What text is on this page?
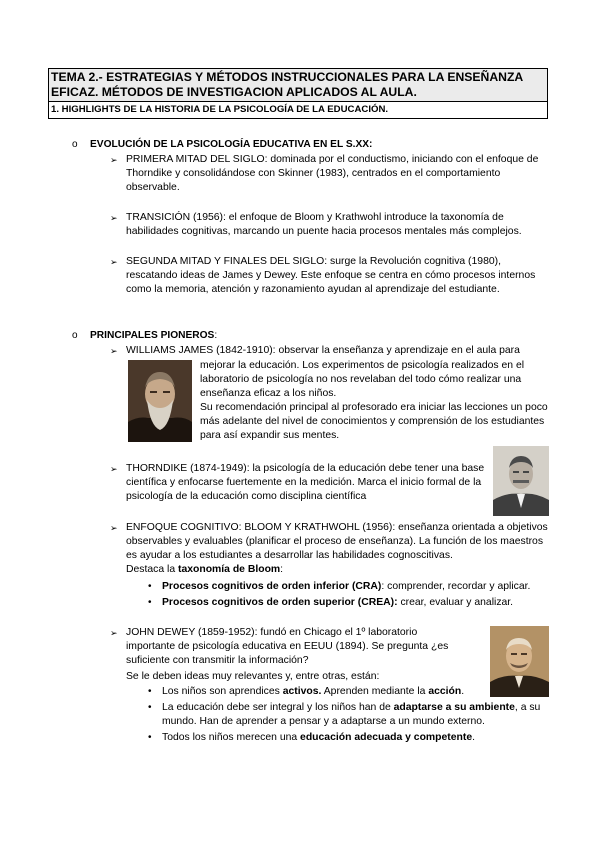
TEMA 2.- ESTRATEGIAS Y MÉTODOS INSTRUCCIONALES PARA LA ENSEÑANZA EFICAZ. MÉTODOS DE INVESTIGACION APLICADOS AL AULA.
1. HIGHLIGHTS DE LA HISTORIA DE LA PSICOLOGÍA DE LA EDUCACIÓN.
o EVOLUCIÓN DE LA PSICOLOGÍA EDUCATIVA EN EL S.XX:
➢ PRIMERA MITAD DEL SIGLO: dominada por el conductismo, iniciando con el enfoque de Thorndike y consolidándose con Skinner (1983), centrados en el comportamiento observable.
➢ TRANSICIÓN (1956): el enfoque de Bloom y Krathwohl introduce la taxonomía de habilidades cognitivas, marcando un puente hacia procesos mentales más complejos.
➢ SEGUNDA MITAD Y FINALES DEL SIGLO: surge la Revolución cognitiva (1980), rescatando ideas de James y Dewey. Este enfoque se centra en cómo procesos internos como la memoria, atención y razonamiento ayudan al aprendizaje del estudiante.
o PRINCIPALES PIONEROS:
➢ WILLIAMS JAMES (1842-1910): observar la enseñanza y aprendizaje en el aula para
mejorar la educación. Los experimentos de psicología realizados en el laboratorio de psicología no nos revelaban del todo cómo realizar una enseñanza eficaz a los niños.
Su recomendación principal al profesorado era iniciar las lecciones un poco más adelante del nivel de conocimientos y comprensión de los estudiantes para así expandir sus mentes.
➢ THORNDIKE (1874-1949): la psicología de la educación debe tener una base científica y enfocarse fuertemente en la medición. Marca el inicio formal de la psicología de la educación como disciplina científica
➢ ENFOQUE COGNITIVO: BLOOM Y KRATHWOHL (1956): enseñanza orientada a objetivos observables y evaluables (planificar el proceso de enseñanza). La función de los maestros es ayudar a los estudiantes a desarrollar las habilidades cognoscitivas.
Destaca la taxonomía de Bloom:
• Procesos cognitivos de orden inferior (CRA): comprender, recordar y aplicar.
• Procesos cognitivos de orden superior (CREA): crear, evaluar y analizar.
➢ JOHN DEWEY (1859-1952): fundó en Chicago el 1º laboratorio importante de psicología educativa en EEUU (1894). Se pregunta ¿es suficiente con transmitir la información?
Se le deben ideas muy relevantes y, entre otras, están:
• Los niños son aprendices activos. Aprenden mediante la acción.
• La educación debe ser integral y los niños han de adaptarse a su ambiente, a su mundo. Han de aprender a pensar y a adaptarse a un mundo externo.
• Todos los niños merecen una educación adecuada y competente.
